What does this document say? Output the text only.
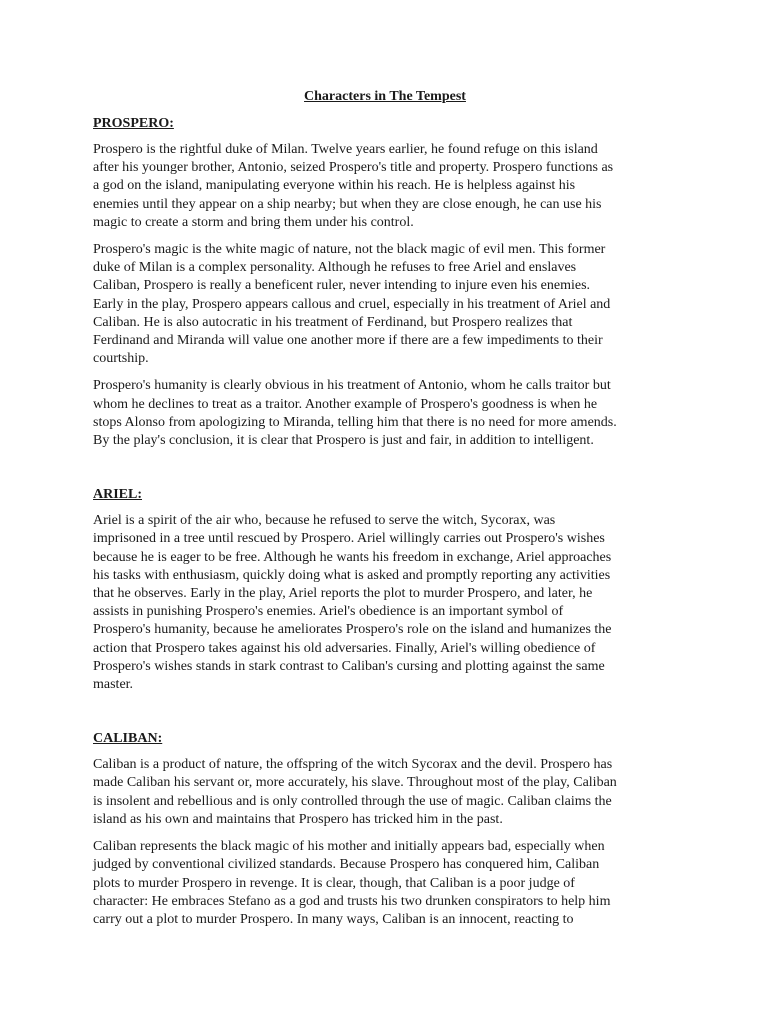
Characters in The Tempest
PROSPERO:
Prospero is the rightful duke of Milan. Twelve years earlier, he found refuge on this island
after his younger brother, Antonio, seized Prospero's title and property. Prospero functions as
a god on the island, manipulating everyone within his reach. He is helpless against his
enemies until they appear on a ship nearby; but when they are close enough, he can use his
magic to create a storm and bring them under his control.
Prospero's magic is the white magic of nature, not the black magic of evil men. This former
duke of Milan is a complex personality. Although he refuses to free Ariel and enslaves
Caliban, Prospero is really a beneficent ruler, never intending to injure even his enemies.
Early in the play, Prospero appears callous and cruel, especially in his treatment of Ariel and
Caliban. He is also autocratic in his treatment of Ferdinand, but Prospero realizes that
Ferdinand and Miranda will value one another more if there are a few impediments to their
courtship.
Prospero's humanity is clearly obvious in his treatment of Antonio, whom he calls traitor but
whom he declines to treat as a traitor. Another example of Prospero's goodness is when he
stops Alonso from apologizing to Miranda, telling him that there is no need for more amends.
By the play's conclusion, it is clear that Prospero is just and fair, in addition to intelligent.
ARIEL:
Ariel is a spirit of the air who, because he refused to serve the witch, Sycorax, was
imprisoned in a tree until rescued by Prospero. Ariel willingly carries out Prospero's wishes
because he is eager to be free. Although he wants his freedom in exchange, Ariel approaches
his tasks with enthusiasm, quickly doing what is asked and promptly reporting any activities
that he observes. Early in the play, Ariel reports the plot to murder Prospero, and later, he
assists in punishing Prospero's enemies. Ariel's obedience is an important symbol of
Prospero's humanity, because he ameliorates Prospero's role on the island and humanizes the
action that Prospero takes against his old adversaries. Finally, Ariel's willing obedience of
Prospero's wishes stands in stark contrast to Caliban's cursing and plotting against the same
master.
CALIBAN:
Caliban is a product of nature, the offspring of the witch Sycorax and the devil. Prospero has
made Caliban his servant or, more accurately, his slave. Throughout most of the play, Caliban
is insolent and rebellious and is only controlled through the use of magic. Caliban claims the
island as his own and maintains that Prospero has tricked him in the past.
Caliban represents the black magic of his mother and initially appears bad, especially when
judged by conventional civilized standards. Because Prospero has conquered him, Caliban
plots to murder Prospero in revenge. It is clear, though, that Caliban is a poor judge of
character: He embraces Stefano as a god and trusts his two drunken conspirators to help him
carry out a plot to murder Prospero. In many ways, Caliban is an innocent, reacting to
